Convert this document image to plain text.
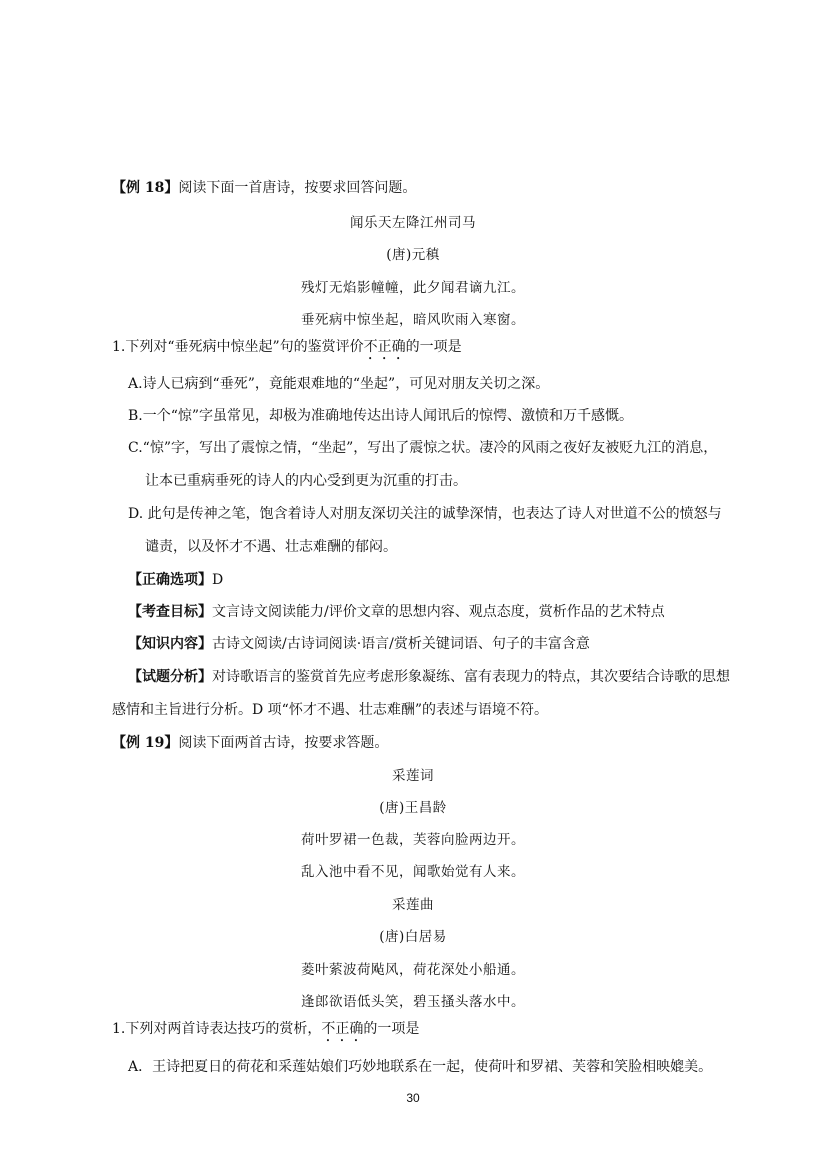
【例 18】阅读下面一首唐诗，按要求回答问题。
闻乐天左降江州司马
(唐)元稹
残灯无焰影幢幢，此夕闻君谪九江。
垂死病中惊坐起，暗风吹雨入寒窗。
1.下列对“垂死病中惊坐起”句的鉴赏评价不正确的一项是
A.诗人已病到“垂死”，竟能艰难地的“坐起”，可见对朋友关切之深。
B.一个“惊”字虽常见，却极为准确地传达出诗人闻讯后的惊愕、激愤和万千感慨。
C.“惊”字，写出了震惊之情，“坐起”，写出了震惊之状。凄冷的风雨之夜好友被贬九江的消息，
让本已重病垂死的诗人的内心受到更为沉重的打击。
D. 此句是传神之笔，饱含着诗人对朋友深切关注的诚挚深情，也表达了诗人对世道不公的愤怒与
谴责，以及怀才不遇、壮志难酬的郁闷。
【正确选项】D
【考查目标】文言诗文阅读能力/评价文章的思想内容、观点态度，赏析作品的艺术特点
【知识内容】古诗文阅读/古诗词阅读·语言/赏析关键词语、句子的丰富含意
【试题分析】对诗歌语言的鉴赏首先应考虑形象凝练、富有表现力的特点，其次要结合诗歌的思想
感情和主旨进行分析。D 项“怀才不遇、壮志难酬”的表述与语境不符。
【例 19】阅读下面两首古诗，按要求答题。
采莲词
(唐)王昌龄
荷叶罗裙一色裁，芙蓉向脸两边开。
乱入池中看不见，闻歌始觉有人来。
采莲曲
(唐)白居易
菱叶萦波荷飐风，荷花深处小船通。
逢郎欲语低头笑，碧玉搔头落水中。
1.下列对两首诗表达技巧的赏析，不正确的一项是
A．王诗把夏日的荷花和采莲姑娘们巧妙地联系在一起，使荷叶和罗裙、芙蓉和笑脸相映媲美。
30
